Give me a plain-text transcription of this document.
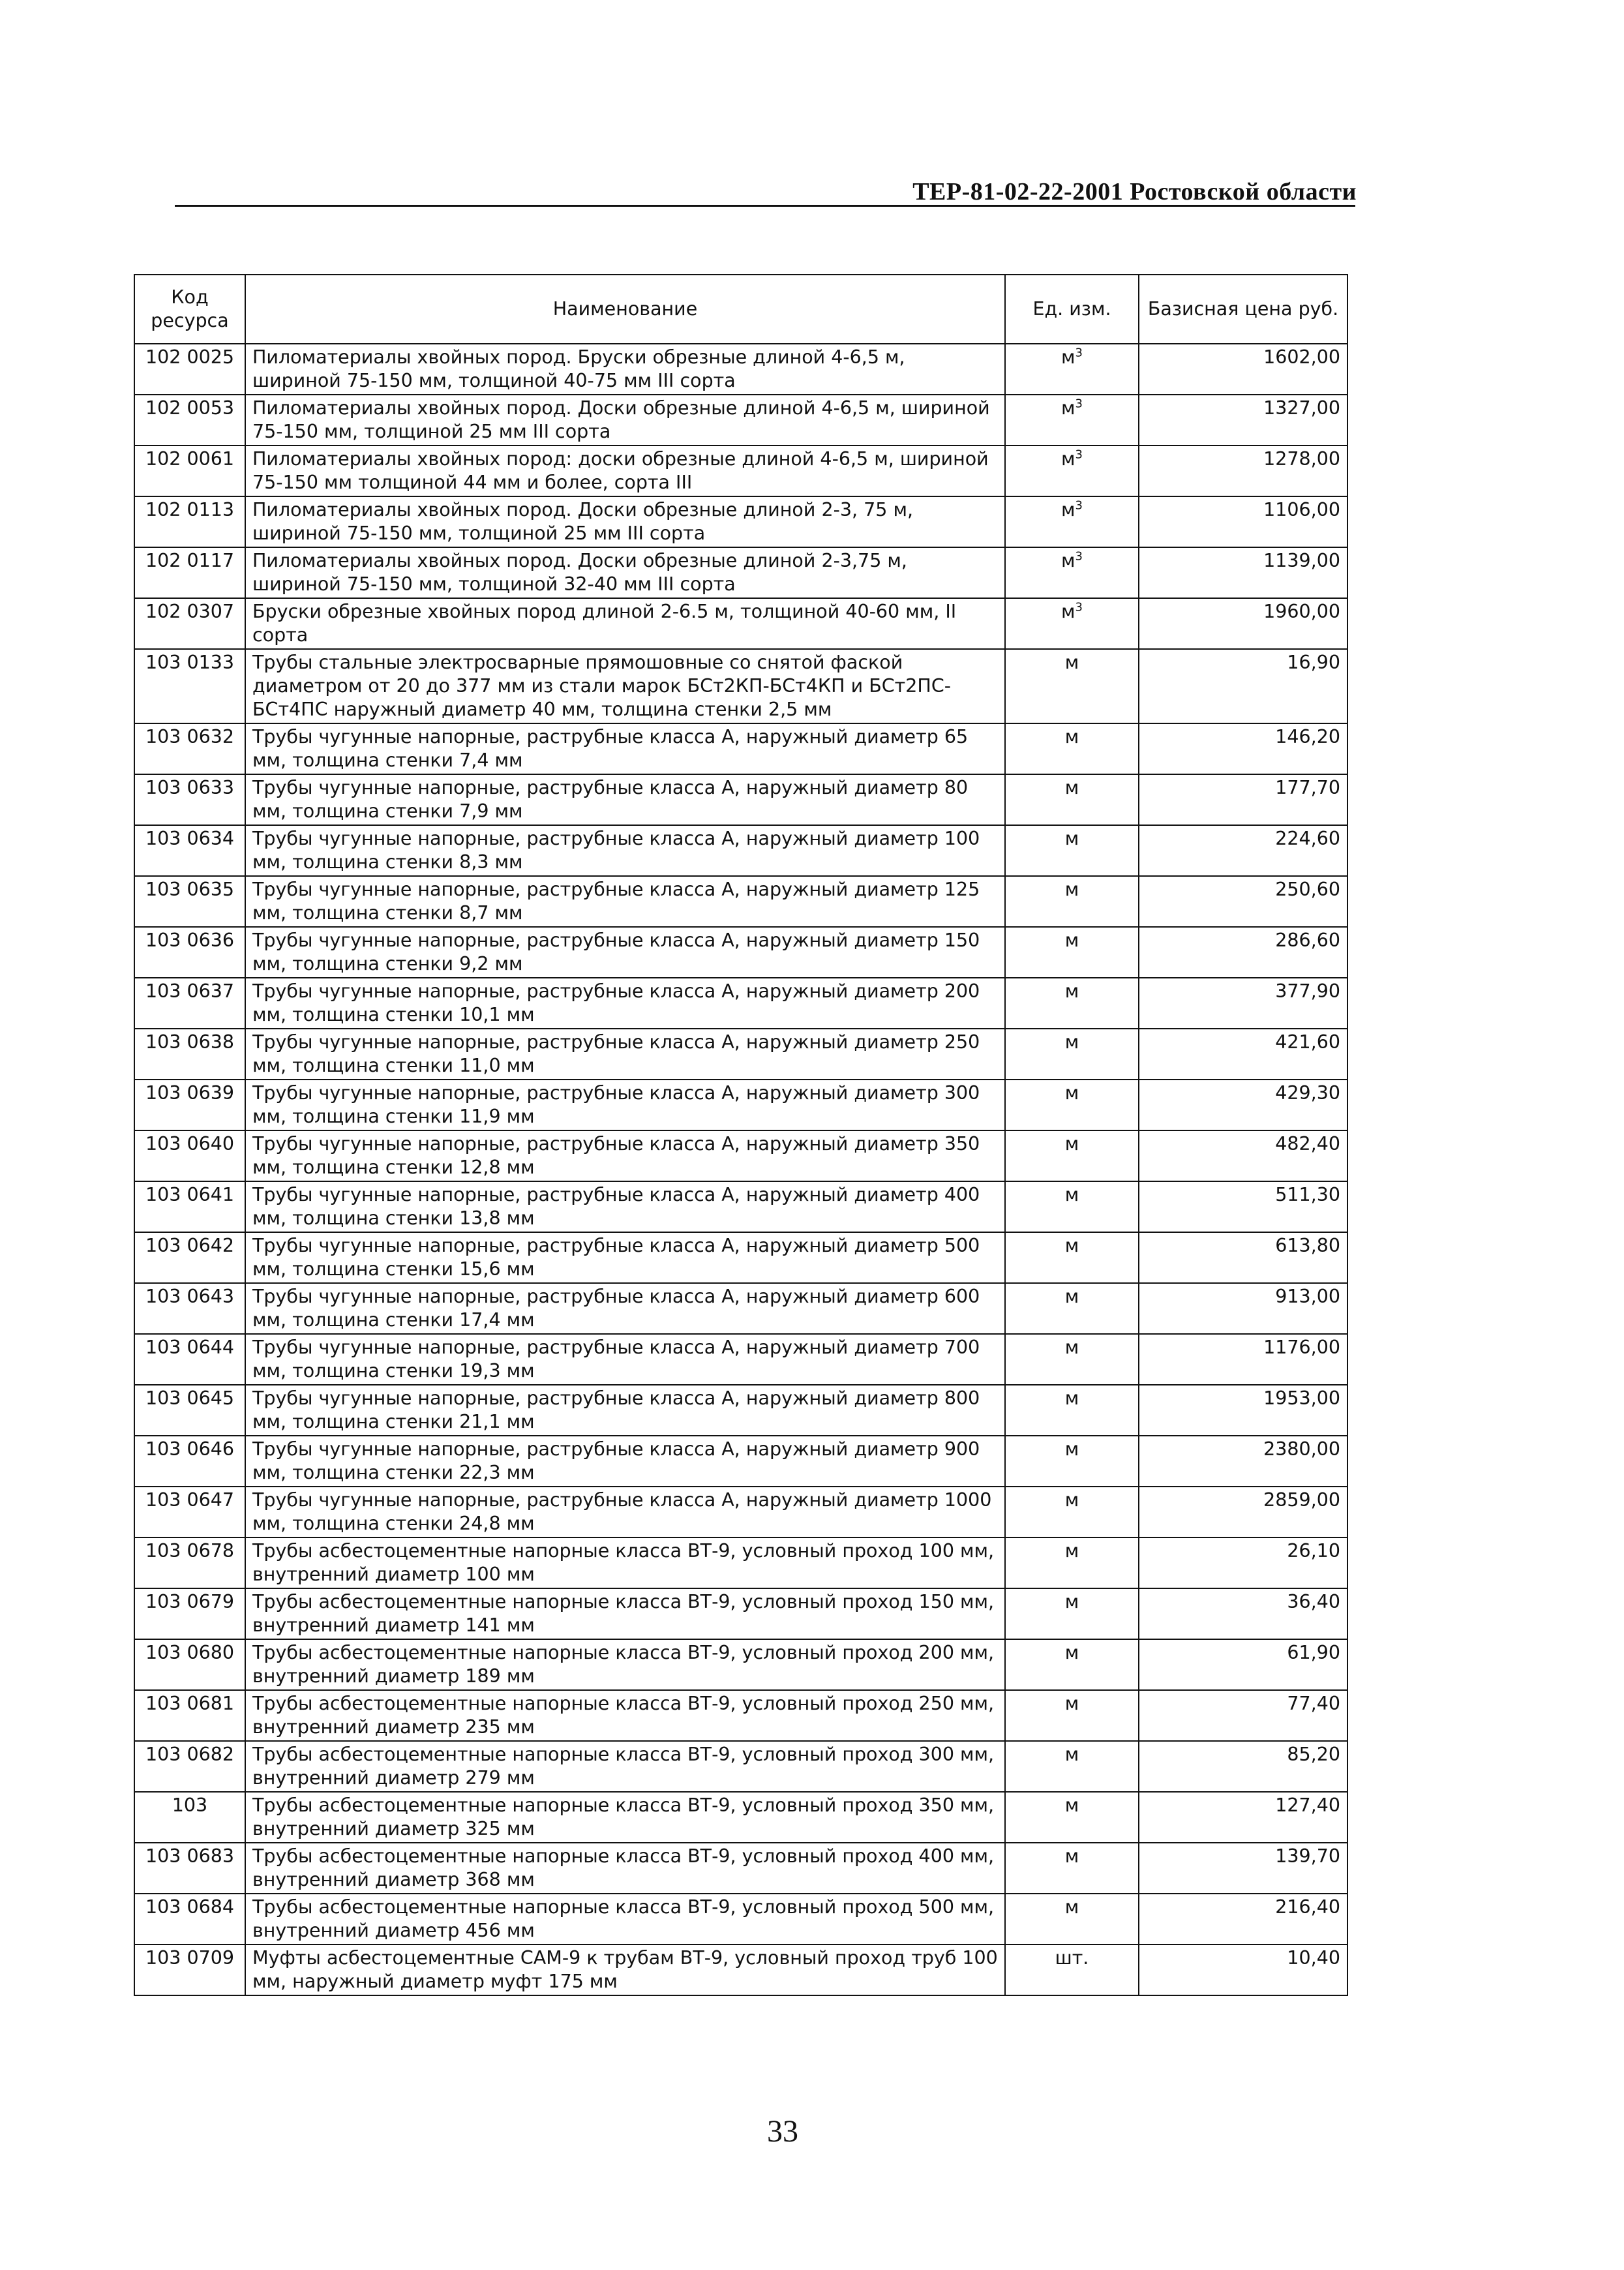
ТЕР-81-02-22-2001 Ростовской области
Код ресурса	Наименование	Ед. изм.	Базисная цена руб.
102 0025	Пиломатериалы хвойных пород. Бруски обрезные длиной 4-6,5 м, шириной 75-150 мм, толщиной 40-75 мм III сорта	$м^3$	1602,00
102 0053	Пиломатериалы хвойных пород. Доски обрезные длиной 4-6,5 м, шириной 75-150 мм, толщиной 25 мм III сорта	$м^3$	1327,00
102 0061	Пиломатериалы хвойных пород: доски обрезные длиной 4-6,5 м, шириной 75-150 мм толщиной 44 мм и более, сорта III	$м^3$	1278,00
102 0113	Пиломатериалы хвойных пород. Доски обрезные длиной 2-3, 75 м, шириной 75-150 мм, толщиной 25 мм III сорта	$м^3$	1106,00
102 0117	Пиломатериалы хвойных пород. Доски обрезные длиной 2-3,75 м, шириной 75-150 мм, толщиной 32-40 мм III сорта	$м^3$	1139,00
102 0307	Бруски обрезные хвойных пород длиной 2-6.5 м, толщиной 40-60 мм, II сорта	$м^3$	1960,00
103 0133	Трубы стальные электросварные прямошовные со снятой фаской диаметром от 20 до 377 мм из стали марок БСт2КП-БСт4КП и БСт2ПС-БСт4ПС наружный диаметр 40 мм, толщина стенки 2,5 мм	м	16,90
103 0632	Трубы чугунные напорные, раструбные класса А, наружный диаметр 65 мм, толщина стенки 7,4 мм	м	146,20
103 0633	Трубы чугунные напорные, раструбные класса А, наружный диаметр 80 мм, толщина стенки 7,9 мм	м	177,70
103 0634	Трубы чугунные напорные, раструбные класса А, наружный диаметр 100 мм, толщина стенки 8,3 мм	м	224,60
103 0635	Трубы чугунные напорные, раструбные класса А, наружный диаметр 125 мм, толщина стенки 8,7 мм	м	250,60
103 0636	Трубы чугунные напорные, раструбные класса А, наружный диаметр 150 мм, толщина стенки 9,2 мм	м	286,60
103 0637	Трубы чугунные напорные, раструбные класса А, наружный диаметр 200 мм, толщина стенки 10,1 мм	м	377,90
103 0638	Трубы чугунные напорные, раструбные класса А, наружный диаметр 250 мм, толщина стенки 11,0 мм	м	421,60
103 0639	Трубы чугунные напорные, раструбные класса А, наружный диаметр 300 мм, толщина стенки 11,9 мм	м	429,30
103 0640	Трубы чугунные напорные, раструбные класса А, наружный диаметр 350 мм, толщина стенки 12,8 мм	м	482,40
103 0641	Трубы чугунные напорные, раструбные класса А, наружный диаметр 400 мм, толщина стенки 13,8 мм	м	511,30
103 0642	Трубы чугунные напорные, раструбные класса А, наружный диаметр 500 мм, толщина стенки 15,6 мм	м	613,80
103 0643	Трубы чугунные напорные, раструбные класса А, наружный диаметр 600 мм, толщина стенки 17,4 мм	м	913,00
103 0644	Трубы чугунные напорные, раструбные класса А, наружный диаметр 700 мм, толщина стенки 19,3 мм	м	1176,00
103 0645	Трубы чугунные напорные, раструбные класса А, наружный диаметр 800 мм, толщина стенки 21,1 мм	м	1953,00
103 0646	Трубы чугунные напорные, раструбные класса А, наружный диаметр 900 мм, толщина стенки 22,3 мм	м	2380,00
103 0647	Трубы чугунные напорные, раструбные класса А, наружный диаметр 1000 мм, толщина стенки 24,8 мм	м	2859,00
103 0678	Трубы асбестоцементные напорные класса ВТ-9, условный проход 100 мм, внутренний диаметр 100 мм	м	26,10
103 0679	Трубы асбестоцементные напорные класса ВТ-9, условный проход 150 мм, внутренний диаметр 141 мм	м	36,40
103 0680	Трубы асбестоцементные напорные класса ВТ-9, условный проход 200 мм, внутренний диаметр 189 мм	м	61,90
103 0681	Трубы асбестоцементные напорные класса ВТ-9, условный проход 250 мм, внутренний диаметр 235 мм	м	77,40
103 0682	Трубы асбестоцементные напорные класса ВТ-9, условный проход 300 мм, внутренний диаметр 279 мм	м	85,20
103	Трубы асбестоцементные напорные класса ВТ-9, условный проход 350 мм, внутренний диаметр 325 мм	м	127,40
103 0683	Трубы асбестоцементные напорные класса ВТ-9, условный проход 400 мм, внутренний диаметр 368 мм	м	139,70
103 0684	Трубы асбестоцементные напорные класса ВТ-9, условный проход 500 мм, внутренний диаметр 456 мм	м	216,40
103 0709	Муфты асбестоцементные САМ-9 к трубам ВТ-9, условный проход труб 100 мм, наружный диаметр муфт 175 мм	шт.	10,40
33
